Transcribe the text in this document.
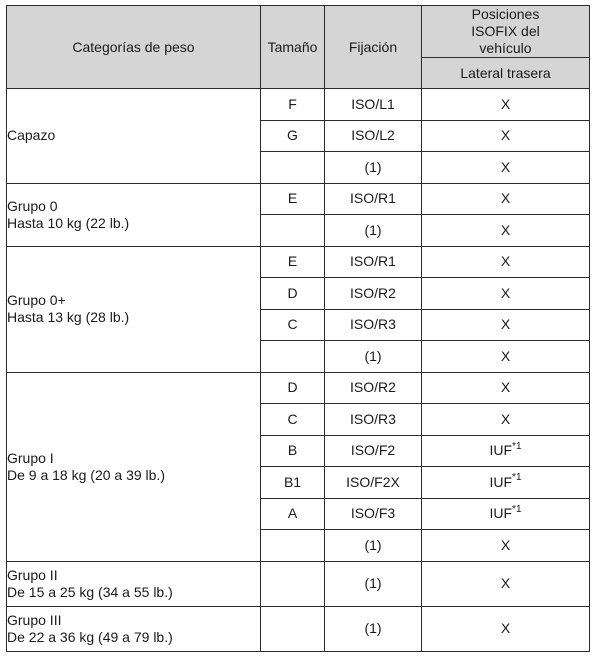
Categorías de peso	Tamaño	Fijación	Posiciones ISOFIX del vehículo
			Lateral trasera

Capazo	F	ISO/L1	X
	G	ISO/L2	X
		(1)	X

Grupo 0
Hasta 10 kg (22 lb.)	E	ISO/R1	X
		(1)	X

Grupo 0+
Hasta 13 kg (28 lb.)	E	ISO/R1	X
	D	ISO/R2	X
	C	ISO/R3	X
		(1)	X

Grupo I
De 9 a 18 kg (20 a 39 lb.)	D	ISO/R2	X
	C	ISO/R3	X
	B	ISO/F2	IUF$^{*1}$
	B1	ISO/F2X	IUF$^{*1}$
	A	ISO/F3	IUF$^{*1}$
		(1)	X

Grupo II
De 15 a 25 kg (34 a 55 lb.)		(1)	X

Grupo III
De 22 a 36 kg (49 a 79 lb.)		(1)	X
